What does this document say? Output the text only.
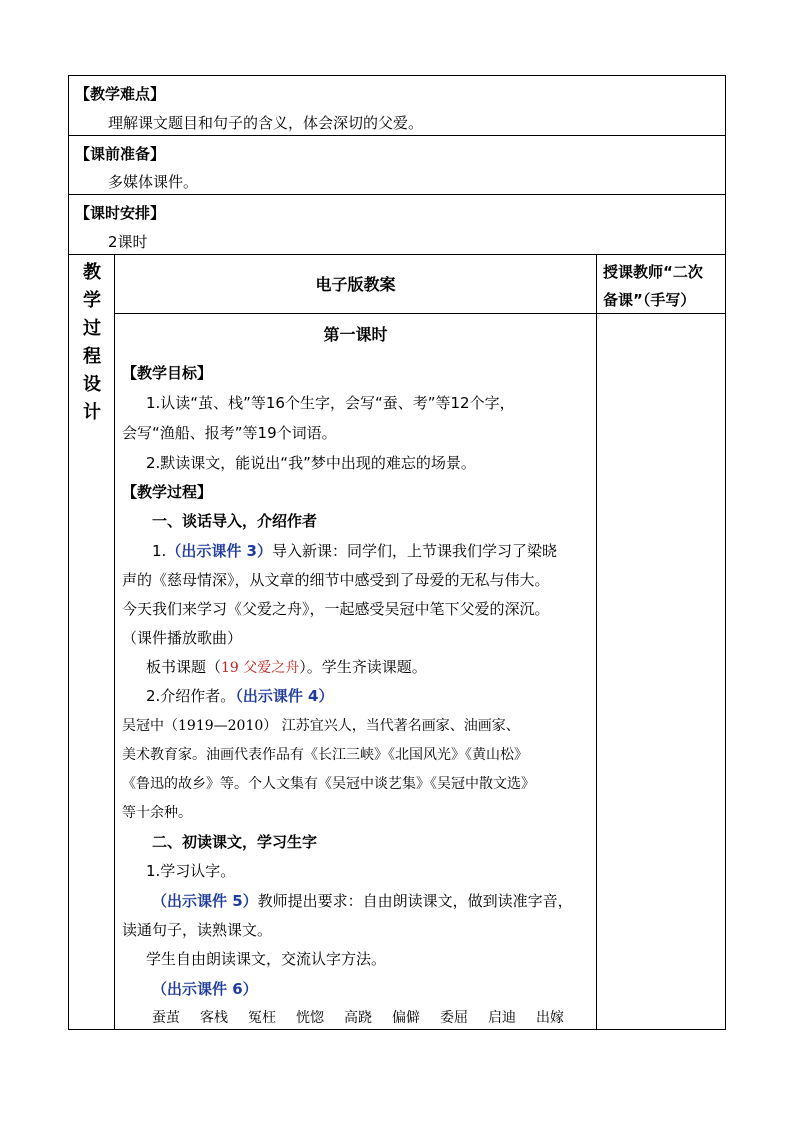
【教学难点】
理解课文题目和句子的含义，体会深切的父爱。
【课前准备】
多媒体课件。
【课时安排】
2课时
教
学
过
程
设
计
电子版教案
授课教师“二次
备课”（手写）
第一课时
【教学目标】
1.认读“茧、栈”等16个生字，会写“蚕、考”等12个字，
会写“渔船、报考”等19个词语。
2.默读课文，能说出“我”梦中出现的难忘的场景。
【教学过程】
一、谈话导入，介绍作者
1.（出示课件 3）导入新课：同学们，上节课我们学习了梁晓
声的《慈母情深》，从文章的细节中感受到了母爱的无私与伟大。
今天我们来学习《父爱之舟》，一起感受吴冠中笔下父爱的深沉。
（课件播放歌曲）
板书课题（19 父爱之舟）。学生齐读课题。
2.介绍作者。（出示课件 4）
吴冠中（1919—2010） 江苏宜兴人，当代著名画家、油画家、
美术教育家。油画代表作品有《长江三峡》《北国风光》《黄山松》
《鲁迅的故乡》等。个人文集有《吴冠中谈艺集》《吴冠中散文选》
等十余种。
二、初读课文，学习生字
1.学习认字。
（出示课件 5）教师提出要求：自由朗读课文，做到读准字音，
读通句子，读熟课文。
学生自由朗读课文，交流认字方法。
（出示课件 6）
蚕茧 客栈 冤枉 恍惚 高跷 偏僻 委屈 启迪 出嫁
